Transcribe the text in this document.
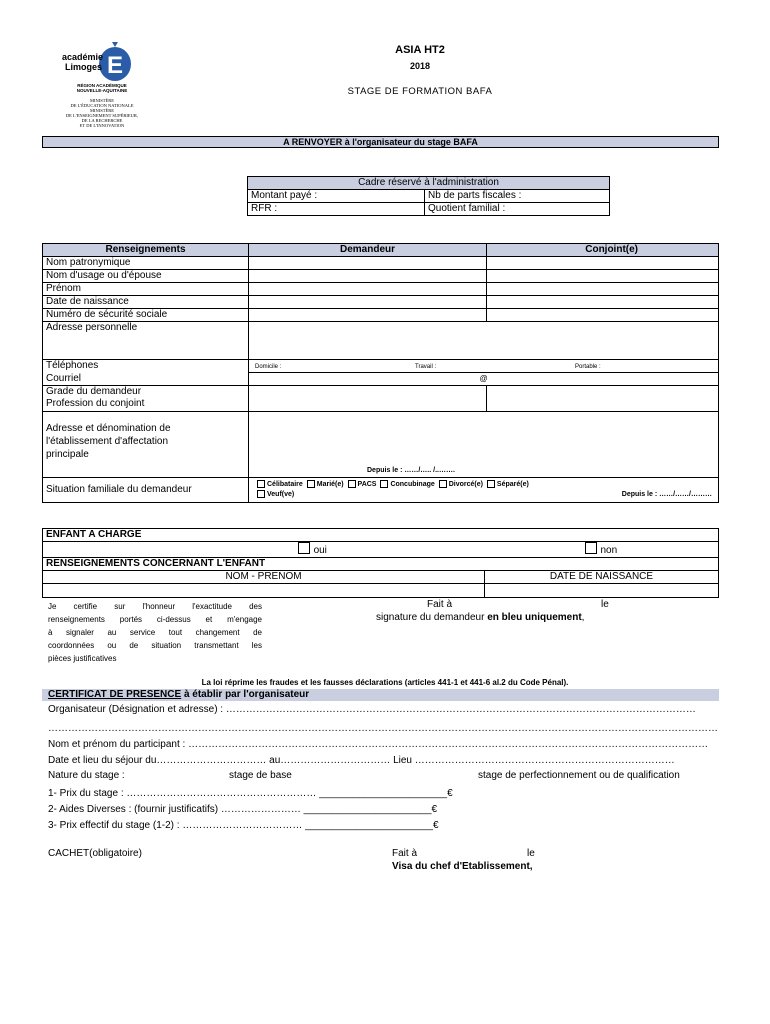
E
académie
Limoges
RÉGION ACADÉMIQUE
NOUVELLE-AQUITAINE
MINISTÈRE
DE L'ÉDUCATION NATIONALE
MINISTÈRE
DE L'ENSEIGNEMENT SUPÉRIEUR,
DE LA RECHERCHE
ET DE L'INNOVATION
ASIA HT2
2018
STAGE DE FORMATION BAFA
A RENVOYER à l'organisateur du stage BAFA
Cadre réservé à l'administration	
Montant payé :	Nb de parts fiscales :
RFR :	Quotient familial :
Renseignements	Demandeur	Conjoint(e)
Nom patronymique		
Nom d'usage ou d'épouse		
Prénom		
Date de naissance		
Numéro de sécurité sociale		
Adresse personnelle		
Téléphones	Domicile : Travail : Portable :	

Courriel	@	

Grade du demandeur
Profession du conjoint		

Adresse et dénomination de
l'établissement d'affectation
principale	Depuis le : ……/….. /..…….	
Situation familiale du demandeur	Célibataire Marié(e) PACS Concubinage Divorcé(e) Séparé(e)
Veuf(ve) Depuis le : ……/……/………	
ENFANT A CHARGE	
oui	non
RENSEIGNEMENTS CONCERNANT L'ENFANT	
NOM - PRENOM	DATE DE NAISSANCE

Je certifie sur l'honneur l'exactitude des
renseignements portés ci-dessus et m'engage
à signaler au service tout changement de
coordonnées ou de situation transmettant les
pièces justificatives
Fait à	le
signature du demandeur en bleu uniquement,
La loi réprime les fraudes et les fausses déclarations (articles 441-1 et 441-6 al.2 du Code Pénal).
CERTIFICAT DE PRESENCE à établir par l'organisateur
Organisateur (Désignation et adresse) : ……………………………………………………………………………………………………………………………
…………………………………………………………………………………………………………………………………………………………………………………
Nom et prénom du participant : …………………………………………………………………………………………………………………………………………
Date et lieu du séjour du…………………………… au…………………………… Lieu ……………………………………………………………………
Nature du stage :	stage de base	stage de perfectionnement ou de qualification
1- Prix du stage : ………………………………………………… _______________________€
2- Aides Diverses : (fournir justificatifs) …………………… _______________________€
3- Prix effectif du stage (1-2) : ……………………………… _______________________€
CACHET(obligatoire)	Fait à	le
Visa du chef d'Etablissement,
